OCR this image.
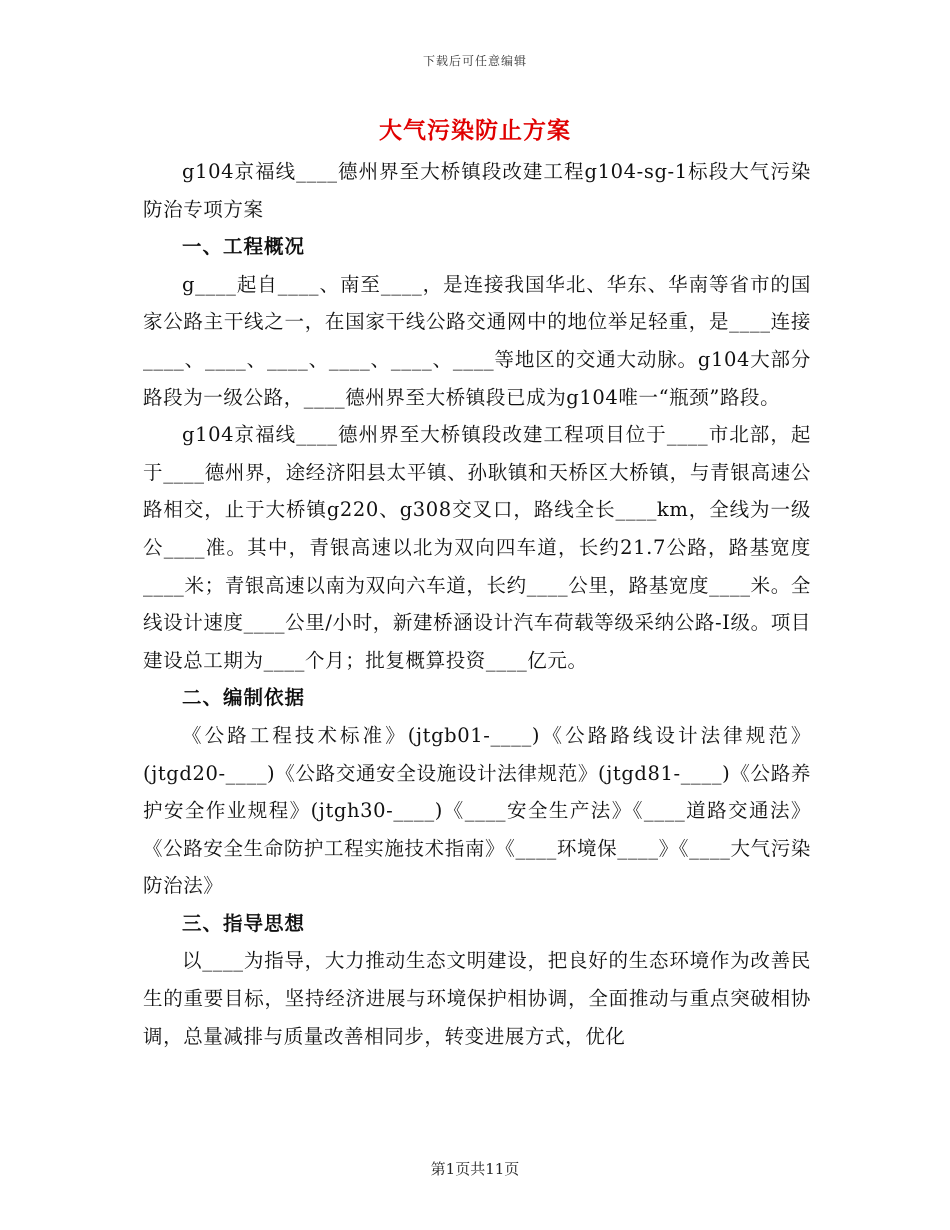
下载后可任意编辑
大气污染防止方案

g104京福线____德州界至大桥镇段改建工程g104-sg-1标段大气污染防治专项方案

一、工程概况

g____起自____、南至____，是连接我国华北、华东、华南等省市的国家公路主干线之一，在国家干线公路交通网中的地位举足轻重，是____连接____、____、____、____、____、____等地区的交通大动脉。g104大部分路段为一级公路，____德州界至大桥镇段已成为g104唯一“瓶颈”路段。

g104京福线____德州界至大桥镇段改建工程项目位于____市北部，起于____德州界，途经济阳县太平镇、孙耿镇和天桥区大桥镇，与青银高速公路相交，止于大桥镇g220、g308交叉口，路线全长____km，全线为一级公____准。其中，青银高速以北为双向四车道，长约21.7公路，路基宽度____米；青银高速以南为双向六车道，长约____公里，路基宽度____米。全线设计速度____公里/小时，新建桥涵设计汽车荷载等级采纳公路-Ⅰ级。项目建设总工期为____个月；批复概算投资____亿元。

二、编制依据

《公路工程技术标准》(jtgb01-____)《公路路线设计法律规范》(jtgd20-____)《公路交通安全设施设计法律规范》(jtgd81-____)《公路养护安全作业规程》(jtgh30-____)《____安全生产法》《____道路交通法》《公路安全生命防护工程实施技术指南》《____环境保____》《____大气污染防治法》

三、指导思想

以____为指导，大力推动生态文明建设，把良好的生态环境作为改善民生的重要目标，坚持经济进展与环境保护相协调，全面推动与重点突破相协调，总量减排与质量改善相同步，转变进展方式，优化

第1页共11页
